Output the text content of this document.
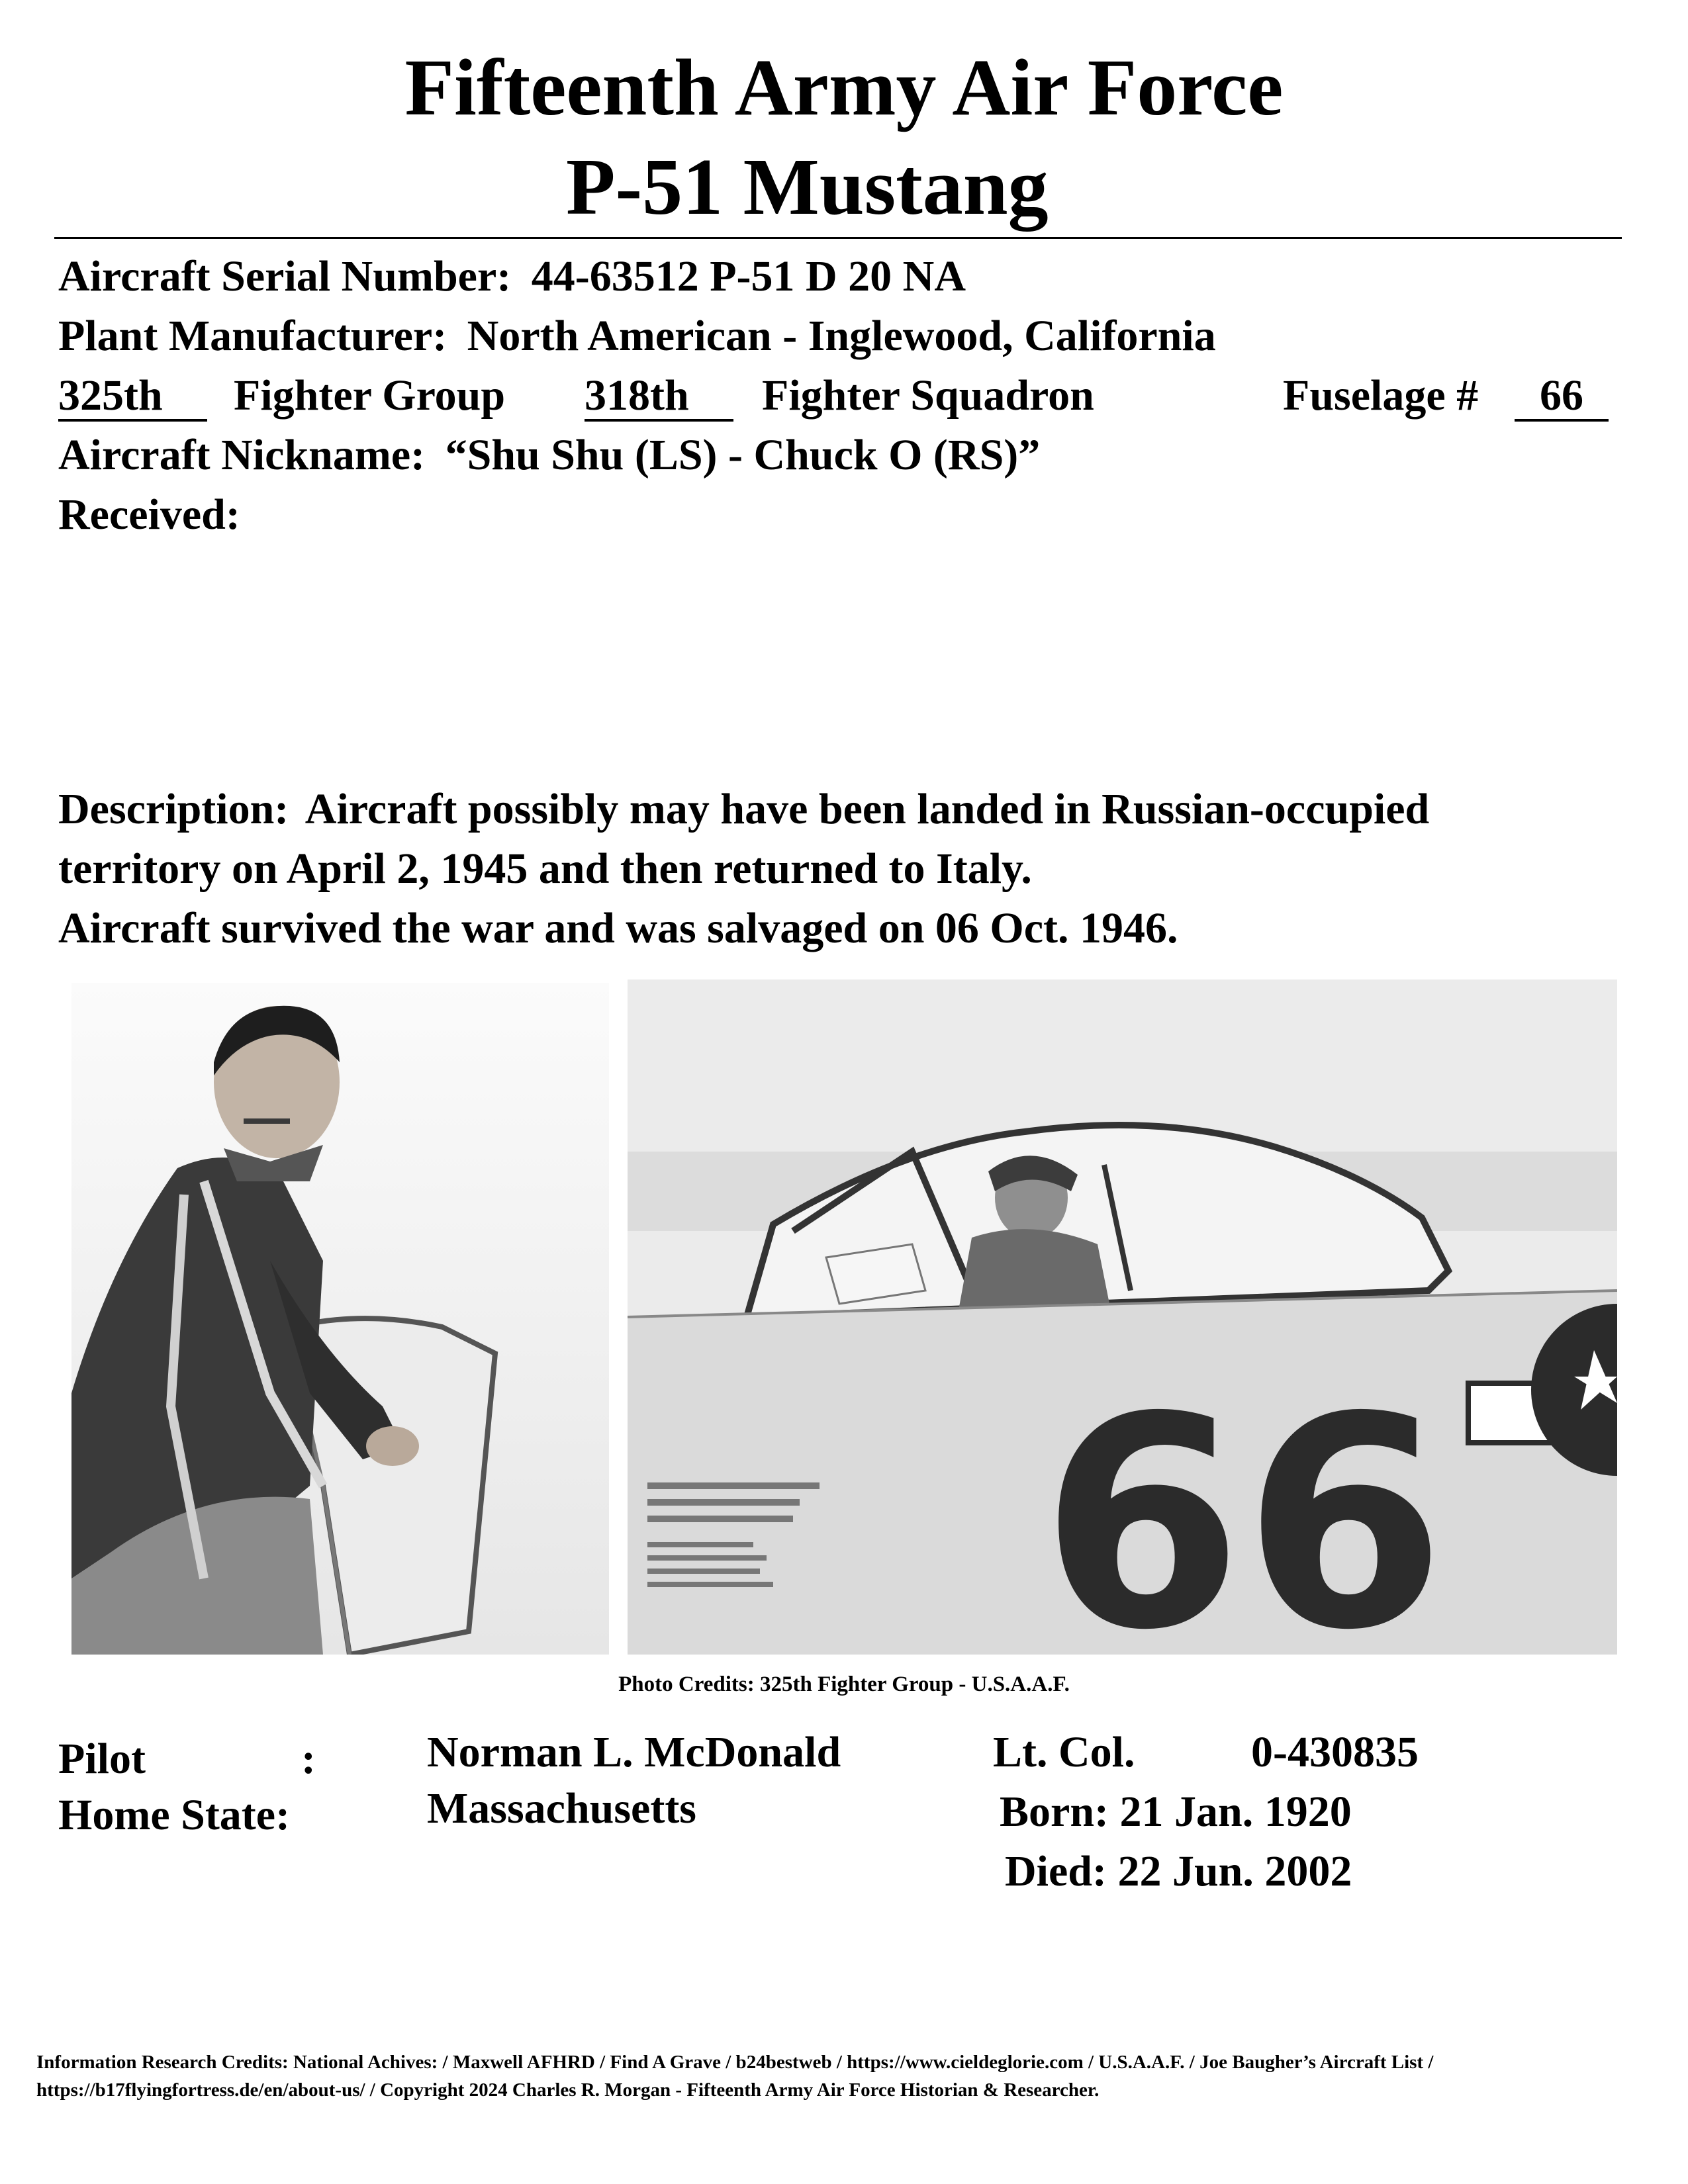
Fifteenth Army Air Force
P-51 Mustang
Aircraft Serial Number: 44-63512 P-51 D 20 NA
Plant Manufacturer: North American - Inglewood, California
325th	Fighter Group 318th	Fighter Squadron	Fuselage #	66
Aircraft Nickname: “Shu Shu (LS) - Chuck O (RS)”
Received:
Description: Aircraft possibly may have been landed in Russian-occupied
territory on April 2, 1945 and then returned to Italy.
Aircraft survived the war and was salvaged on 06 Oct. 1946.
66
Photo Credits: 325th Fighter Group - U.S.A.A.F.
Pilot	:	Norman L. McDonald	Lt. Col.	0-430835
Home State:	Massachusetts	Born: 21 Jan. 1920
Died: 22 Jun. 2002
Information Research Credits: National Achives: / Maxwell AFHRD / Find A Grave / b24bestweb / https://www.cieldeglorie.com / U.S.A.A.F. / Joe Baugher’s Aircraft List /
https://b17flyingfortress.de/en/about-us/ / Copyright 2024 Charles R. Morgan - Fifteenth Army Air Force Historian & Researcher.
